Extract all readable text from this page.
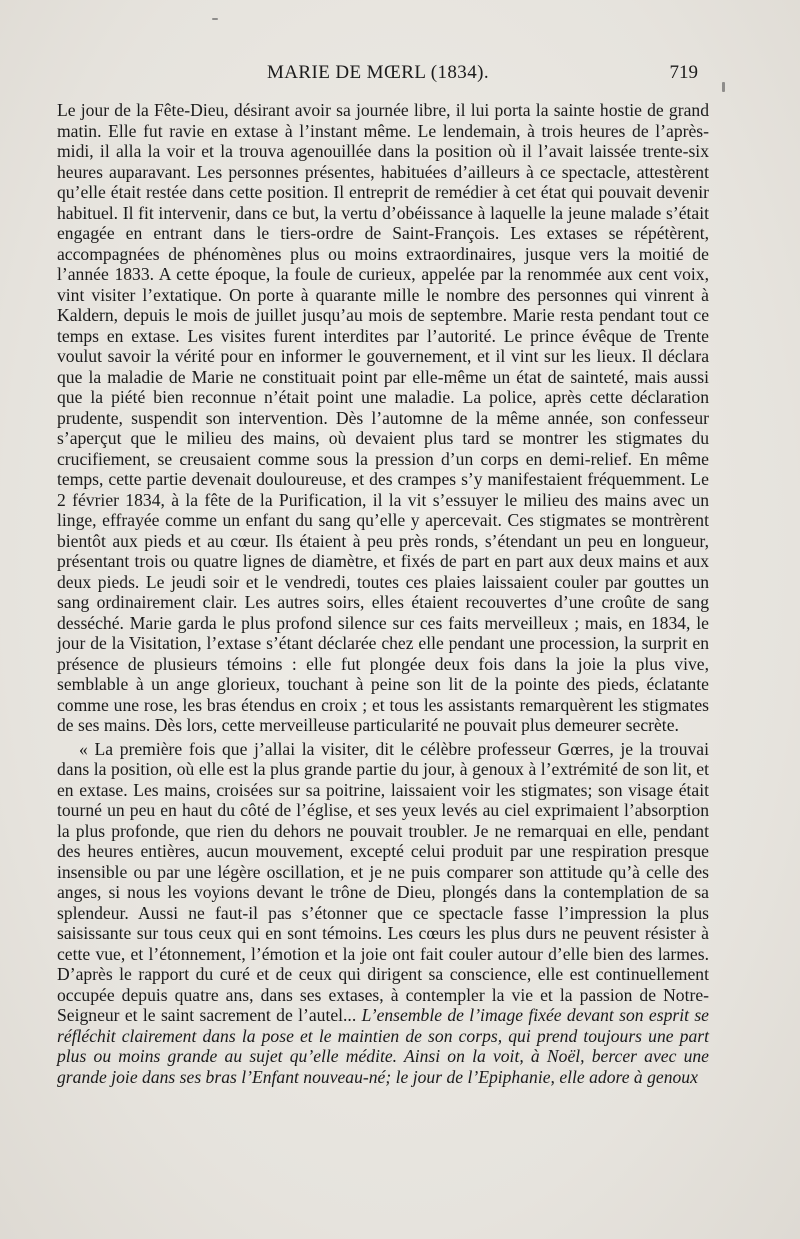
MARIE DE MŒRL (1834).	719

Le jour de la Fête-Dieu, désirant avoir sa journée libre, il lui porta la sainte hostie de grand matin. Elle fut ravie en extase à l’instant même. Le lendemain, à trois heures de l’après-midi, il alla la voir et la trouva agenouillée dans la position où il l’avait laissée trente-six heures auparavant. Les personnes présentes, habituées d’ailleurs à ce spectacle, attestèrent qu’elle était restée dans cette position. Il entreprit de remédier à cet état qui pouvait devenir habituel. Il fit intervenir, dans ce but, la vertu d’obéissance à laquelle la jeune malade s’était engagée en entrant dans le tiers-ordre de Saint-François. Les extases se répétèrent, accompagnées de phénomènes plus ou moins extraordinaires, jusque vers la moitié de l’année 1833. A cette époque, la foule de curieux, appelée par la renommée aux cent voix, vint visiter l’extatique. On porte à quarante mille le nombre des personnes qui vinrent à Kaldern, depuis le mois de juillet jusqu’au mois de septembre. Marie resta pendant tout ce temps en extase. Les visites furent interdites par l’autorité. Le prince évêque de Trente voulut savoir la vérité pour en informer le gouvernement, et il vint sur les lieux. Il déclara que la maladie de Marie ne constituait point par elle-même un état de sainteté, mais aussi que la piété bien reconnue n’était point une maladie. La police, après cette déclaration prudente, suspendit son intervention. Dès l’automne de la même année, son confesseur s’aperçut que le milieu des mains, où devaient plus tard se montrer les stigmates du crucifiement, se creusaient comme sous la pression d’un corps en demi-relief. En même temps, cette partie devenait douloureuse, et des crampes s’y manifestaient fréquemment. Le 2 février 1834, à la fête de la Purification, il la vit s’essuyer le milieu des mains avec un linge, effrayée comme un enfant du sang qu’elle y apercevait. Ces stigmates se montrèrent bientôt aux pieds et au cœur. Ils étaient à peu près ronds, s’étendant un peu en longueur, présentant trois ou quatre lignes de diamètre, et fixés de part en part aux deux mains et aux deux pieds. Le jeudi soir et le vendredi, toutes ces plaies laissaient couler par gouttes un sang ordinairement clair. Les autres soirs, elles étaient recouvertes d’une croûte de sang desséché. Marie garda le plus profond silence sur ces faits merveilleux ; mais, en 1834, le jour de la Visitation, l’extase s’étant déclarée chez elle pendant une procession, la surprit en présence de plusieurs témoins : elle fut plongée deux fois dans la joie la plus vive, semblable à un ange glorieux, touchant à peine son lit de la pointe des pieds, éclatante comme une rose, les bras étendus en croix ; et tous les assistants remarquèrent les stigmates de ses mains. Dès lors, cette merveilleuse particularité ne pouvait plus demeurer secrète.

« La première fois que j’allai la visiter, dit le célèbre professeur Gœrres, je la trouvai dans la position, où elle est la plus grande partie du jour, à genoux à l’extrémité de son lit, et en extase. Les mains, croisées sur sa poitrine, laissaient voir les stigmates; son visage était tourné un peu en haut du côté de l’église, et ses yeux levés au ciel exprimaient l’absorption la plus profonde, que rien du dehors ne pouvait troubler. Je ne remarquai en elle, pendant des heures entières, aucun mouvement, excepté celui produit par une respiration presque insensible ou par une légère oscillation, et je ne puis comparer son attitude qu’à celle des anges, si nous les voyions devant le trône de Dieu, plongés dans la contemplation de sa splendeur. Aussi ne faut-il pas s’étonner que ce spectacle fasse l’impression la plus saisissante sur tous ceux qui en sont témoins. Les cœurs les plus durs ne peuvent résister à cette vue, et l’étonnement, l’émotion et la joie ont fait couler autour d’elle bien des larmes. D’après le rapport du curé et de ceux qui dirigent sa conscience, elle est continuellement occupée depuis quatre ans, dans ses extases, à contempler la vie et la passion de Notre-Seigneur et le saint sacrement de l’autel... L’ensemble de l’image fixée devant son esprit se réfléchit clairement dans la pose et le maintien de son corps, qui prend toujours une part plus ou moins grande au sujet qu’elle médite. Ainsi on la voit, à Noël, bercer avec une grande joie dans ses bras l’Enfant nouveau-né; le jour de l’Epiphanie, elle adore à genoux
